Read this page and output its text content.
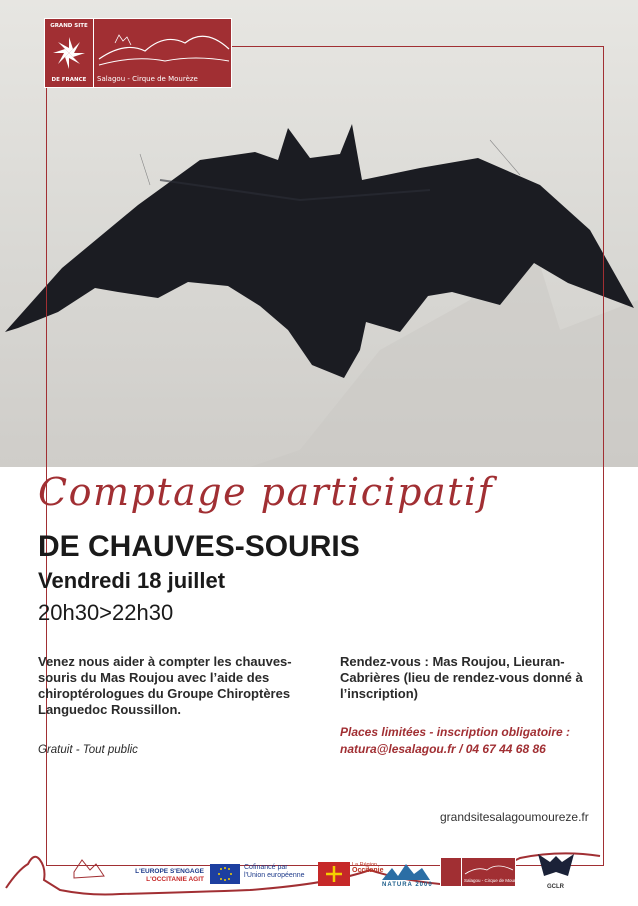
GRAND SITE
DE FRANCE	Salagou - Cirque de Mourèze
Comptage participatif
DE CHAUVES-SOURIS
Vendredi 18 juillet
20h30>22h30
Venez nous aider à compter les chauves-souris du Mas Roujou avec l’aide des chiroptérologues du Groupe Chiroptères Languedoc Roussillon.
Gratuit - Tout public
Rendez-vous : Mas Roujou, Lieuran-Cabrières (lieu de rendez-vous donné à l’inscription)
Places limitées - inscription obligatoire :
natura@lesalagou.fr / 04 67 44 68 86
grandsitesalagoumoureze.fr
L'EUROPE S'ENGAGE
L'OCCITANIE AGIT
Cofinancé par
l'Union européenne
La Région
Occitanie
NATURA 2000
Salagou - Cirque de Mourèze
GCLR
